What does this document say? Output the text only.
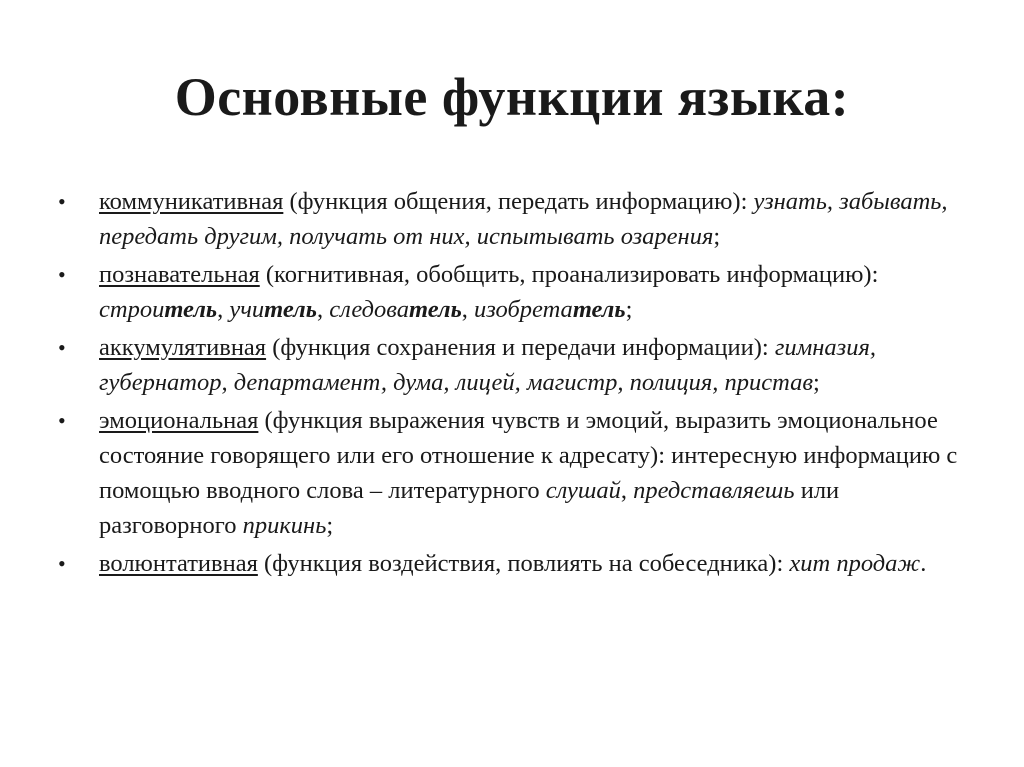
Основные функции языка:
• коммуникативная (функция общения, передать информацию): узнать, забывать, передать другим, получать от них, испытывать озарения;
• познавательная (когнитивная, обобщить, проанализировать информацию): строитель, учитель, следователь, изобретатель;
• аккумулятивная (функция сохранения и передачи информации): гимназия, губернатор, департамент, дума, лицей, магистр, полиция, пристав;
• эмоциональная (функция выражения чувств и эмоций, выразить эмоциональное состояние говорящего или его отношение к адресату): интересную информацию с помощью вводного слова – литературного слушай, представляешь или разговорного прикинь;
• волюнтативная (функция воздействия, повлиять на собеседника): хит продаж.
